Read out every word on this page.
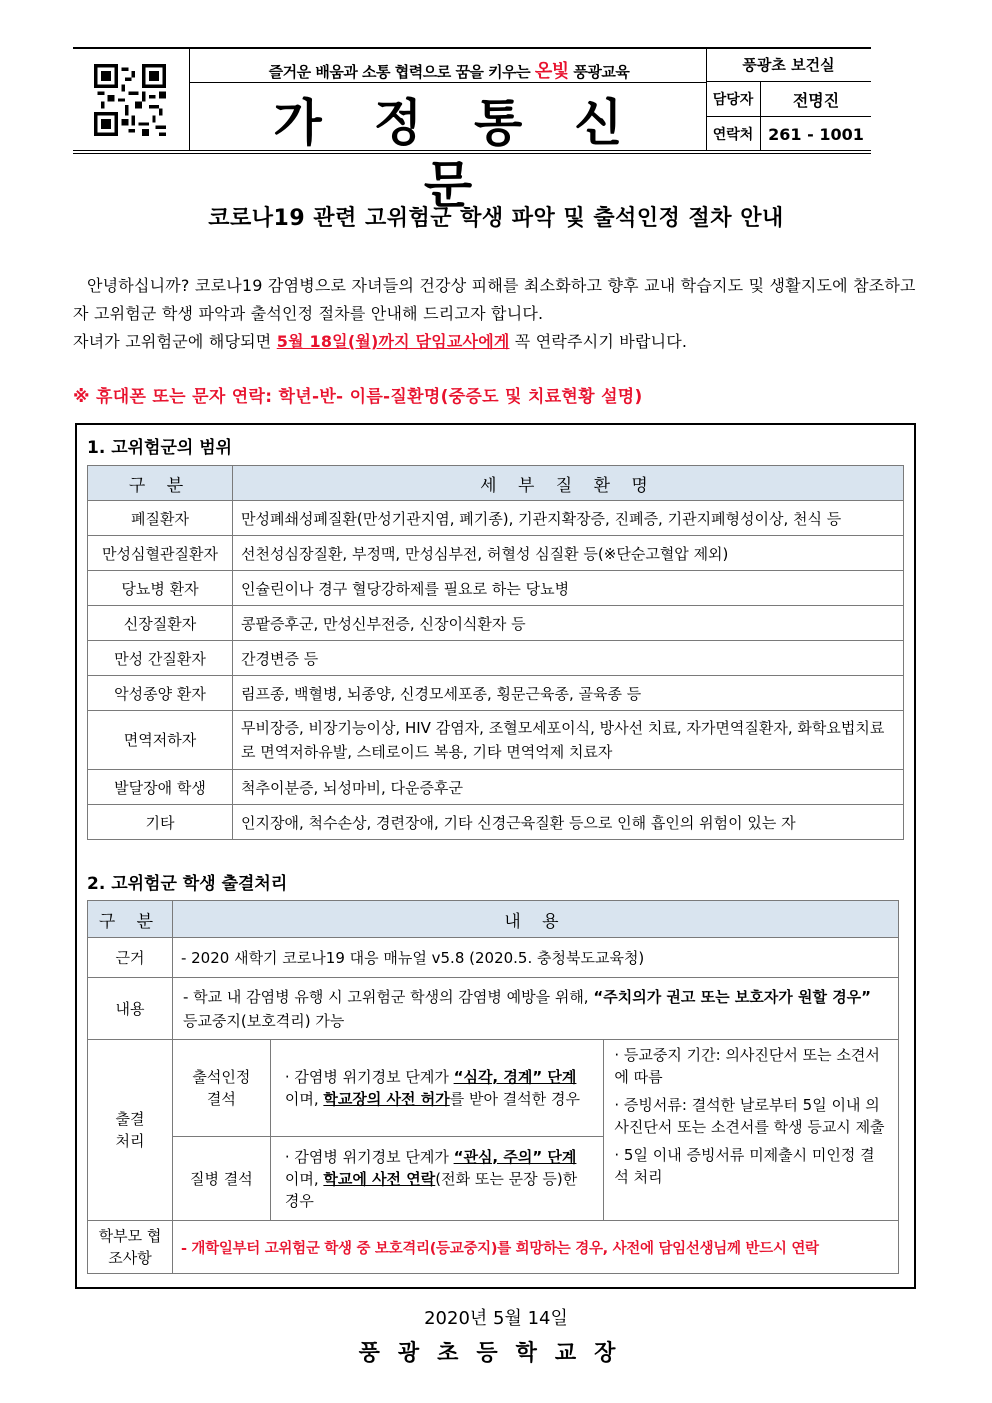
즐거운 배움과 소통 협력으로 꿈을 키우는 온빛 풍광교육
가정통신문
풍광초 보건실
담당자	전명진
연락처 261 - 1001
코로나19 관련 고위험군 학생 파악 및 출석인정 절차 안내

안녕하십니까? 코로나19 감염병으로 자녀들의 건강상 피해를 최소화하고 향후 교내 학습지도 및 생활지도에 참조하고자 고위험군 학생 파악과 출석인정 절차를 안내해 드리고자 합니다.

자녀가 고위험군에 해당되면 5월 18일(월)까지 담임교사에게 꼭 연락주시기 바랍니다.

※ 휴대폰 또는 문자 연락: 학년-반- 이름-질환명(중증도 및 치료현황 설명)
1. 고위험군의 범위
구 분	세 부 질 환 명
폐질환자	만성폐쇄성폐질환(만성기관지염, 폐기종), 기관지확장증, 진폐증, 기관지폐형성이상, 천식 등
만성심혈관질환자	선천성심장질환, 부정맥, 만성심부전, 허혈성 심질환 등(※단순고혈압 제외)
당뇨병 환자	인슐린이나 경구 혈당강하제를 필요로 하는 당뇨병
신장질환자	콩팥증후군, 만성신부전증, 신장이식환자 등
만성 간질환자	간경변증 등
악성종양 환자	림프종, 백혈병, 뇌종양, 신경모세포종, 횡문근육종, 골육종 등
면역저하자	무비장증, 비장기능이상, HIV 감염자, 조혈모세포이식, 방사선 치료, 자가면역질환자, 화학요법치료로 면역저하유발, 스테로이드 복용, 기타 면역억제 치료자
발달장애 학생	척추이분증, 뇌성마비, 다운증후군
기타	인지장애, 척수손상, 경련장애, 기타 신경근육질환 등으로 인해 흡인의 위험이 있는 자
2. 고위험군 학생 출결처리
구 분	내 용		
근거	- 2020 새학기 코로나19 대응 매뉴얼 v5.8 (2020.5. 충청북도교육청)		
내용	- 학교 내 감염병 유행 시 고위험군 학생의 감염병 예방을 위해, “주치의가 권고 또는 보호자가 원할 경우” 등교중지(보호격리) 가능		
출결처리	출석인정 결석	· 감염병 위기경보 단계가 “심각, 경계” 단계이며, 학교장의 사전 허가를 받아 결석한 경우	· 등교중지 기간: 의사진단서 또는 소견서에 따름
· 증빙서류: 결석한 날로부터 5일 이내 의사진단서 또는 소견서를 학생 등교시 제출
· 5일 이내 증빙서류 미제출시 미인정 결석 처리

	질병 결석	· 감염병 위기경보 단계가 “관심, 주의” 단계이며, 학교에 사전 연락(전화 또는 문장 등)한 경우	
학부모 협조사항	- 개학일부터 고위험군 학생 중 보호격리(등교중지)를 희망하는 경우, 사전에 담임선생님께 반드시 연락		
2020년 5월 14일
풍광초등학교장
